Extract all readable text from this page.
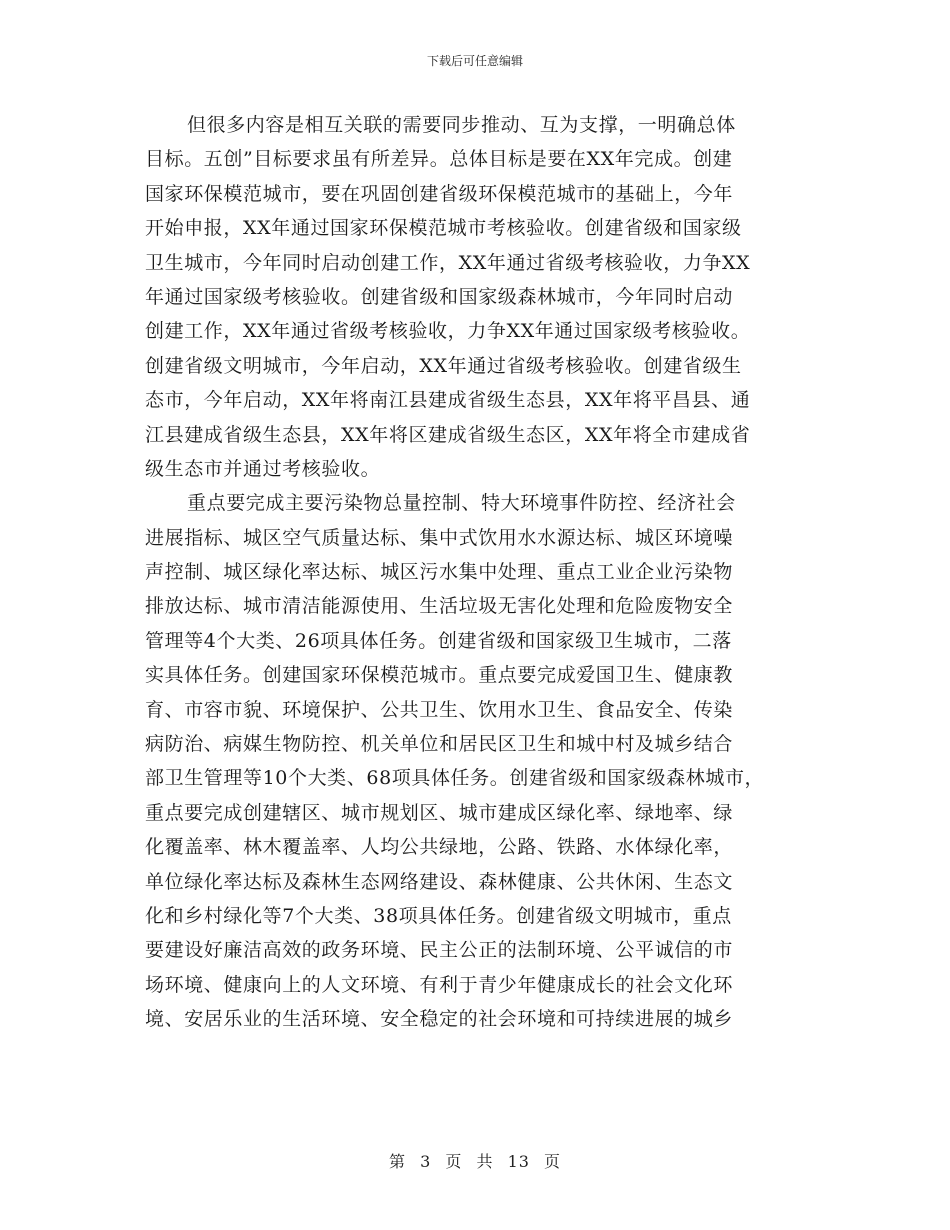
下载后可任意编辑
但很多内容是相互关联的需要同步推动、互为支撑，一明确总体
目标。五创”目标要求虽有所差异。总体目标是要在XX年完成。创建
国家环保模范城市，要在巩固创建省级环保模范城市的基础上，今年
开始申报，XX年通过国家环保模范城市考核验收。创建省级和国家级
卫生城市，今年同时启动创建工作，XX年通过省级考核验收，力争XX
年通过国家级考核验收。创建省级和国家级森林城市，今年同时启动
创建工作，XX年通过省级考核验收，力争XX年通过国家级考核验收。
创建省级文明城市，今年启动，XX年通过省级考核验收。创建省级生
态市，今年启动，XX年将南江县建成省级生态县，XX年将平昌县、通
江县建成省级生态县，XX年将区建成省级生态区，XX年将全市建成省
级生态市并通过考核验收。
重点要完成主要污染物总量控制、特大环境事件防控、经济社会
进展指标、城区空气质量达标、集中式饮用水水源达标、城区环境噪
声控制、城区绿化率达标、城区污水集中处理、重点工业企业污染物
排放达标、城市清洁能源使用、生活垃圾无害化处理和危险废物安全
管理等4个大类、26项具体任务。创建省级和国家级卫生城市，二落
实具体任务。创建国家环保模范城市。重点要完成爱国卫生、健康教
育、市容市貌、环境保护、公共卫生、饮用水卫生、食品安全、传染
病防治、病媒生物防控、机关单位和居民区卫生和城中村及城乡结合
部卫生管理等10个大类、68项具体任务。创建省级和国家级森林城市，
重点要完成创建辖区、城市规划区、城市建成区绿化率、绿地率、绿
化覆盖率、林木覆盖率、人均公共绿地，公路、铁路、水体绿化率，
单位绿化率达标及森林生态网络建设、森林健康、公共休闲、生态文
化和乡村绿化等7个大类、38项具体任务。创建省级文明城市，重点
要建设好廉洁高效的政务环境、民主公正的法制环境、公平诚信的市
场环境、健康向上的人文环境、有利于青少年健康成长的社会文化环
境、安居乐业的生活环境、安全稳定的社会环境和可持续进展的城乡
第 3 页 共 13 页
